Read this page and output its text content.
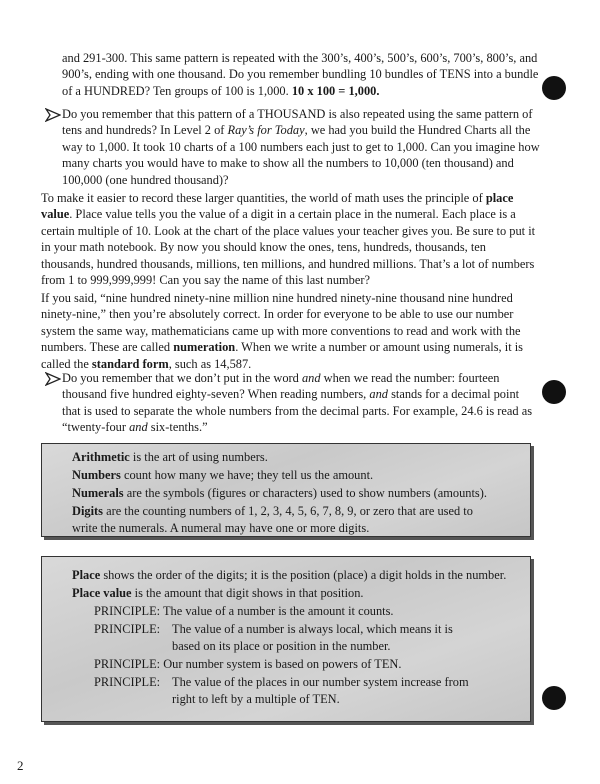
and 291-300. This same pattern is repeated with the 300’s, 400’s, 500’s, 600’s, 700’s, 800’s, and 900’s, ending with one thousand. Do you remember bundling 10 bundles of TENS into a bundle of a HUNDRED? Ten groups of 100 is 1,000. 10 x 100 = 1,000.

Do you remember that this pattern of a THOUSAND is also repeated using the same pattern of tens and hundreds? In Level 2 of Ray’s for Today, we had you build the Hundred Charts all the way to 1,000. It took 10 charts of a 100 numbers each just to get to 1,000. Can you imagine how many charts you would have to make to show all the numbers to 10,000 (ten thousand) and 100,000 (one hundred thousand)?

To make it easier to record these larger quantities, the world of math uses the principle of place value. Place value tells you the value of a digit in a certain place in the numeral. Each place is a certain multiple of 10. Look at the chart of the place values your teacher gives you. Be sure to put it in your math notebook. By now you should know the ones, tens, hundreds, thousands, ten thousands, hundred thousands, millions, ten millions, and hundred millions. That’s a lot of numbers from 1 to 999,999,999! Can you say the name of this last number?

If you said, “nine hundred ninety-nine million nine hundred ninety-nine thousand nine hundred ninety-nine,” then you’re absolutely correct. In order for everyone to be able to use our number system the same way, mathematicians came up with more conventions to read and work with the numbers. These are called numeration. When we write a number or amount using numerals, it is called the standard form, such as 14,587.

Do you remember that we don’t put in the word and when we read the number: fourteen thousand five hundred eighty-seven? When reading numbers, and stands for a decimal point that is used to separate the whole numbers from the decimal parts. For example, 24.6 is read as “twenty-four and six-tenths.”

Arithmetic is the art of using numbers.

Numbers count how many we have; they tell us the amount.

Numerals are the symbols (figures or characters) used to show numbers (amounts).

Digits are the counting numbers of 1, 2, 3, 4, 5, 6, 7, 8, 9, or zero that are used to write the numerals. A numeral may have one or more digits.

Place shows the order of the digits; it is the position (place) a digit holds in the number.

Place value is the amount that digit shows in that position.

PRINCIPLE: The value of a number is the amount it counts.

PRINCIPLE: The value of a number is always local, which means it is based on its place or position in the number.

PRINCIPLE: Our number system is based on powers of TEN.

PRINCIPLE: The value of the places in our number system increase from right to left by a multiple of TEN.

2
